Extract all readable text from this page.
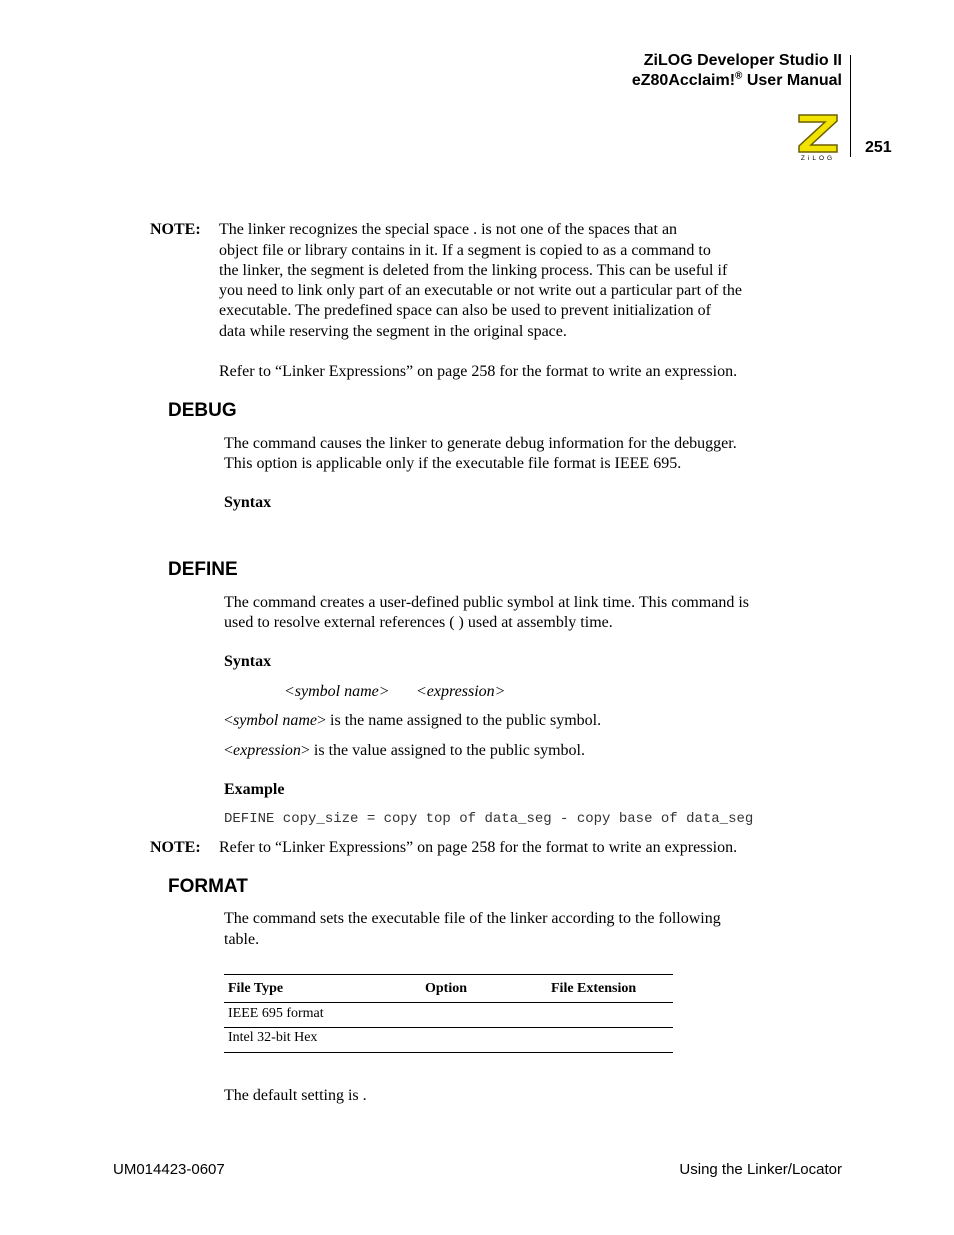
ZiLOG Developer Studio II
eZ80Acclaim!® User Manual
ZiLOG
251
NOTE: The linker recognizes the special space . is not one of the spaces that an
object file or library contains in it. If a segment is copied to as a command to
the linker, the segment is deleted from the linking process. This can be useful if
you need to link only part of an executable or not write out a particular part of the
executable. The predefined space can also be used to prevent initialization of
data while reserving the segment in the original space.
Refer to “Linker Expressions” on page 258 for the format to write an expression.
DEBUG
The command causes the linker to generate debug information for the debugger.
This option is applicable only if the executable file format is IEEE 695.
Syntax
DEFINE
The command creates a user-defined public symbol at link time. This command is
used to resolve external references ( ) used at assembly time.
Syntax
<symbol name> <expression>
<symbol name> is the name assigned to the public symbol.
<expression> is the value assigned to the public symbol.
Example
DEFINE copy_size = copy top of data_seg - copy base of data_seg
NOTE: Refer to “Linker Expressions” on page 258 for the format to write an expression.
FORMAT
The command sets the executable file of the linker according to the following
table.
File Type	Option	File Extension
IEEE 695 format
Intel 32-bit Hex
The default setting is .
UM014423-0607	Using the Linker/Locator
